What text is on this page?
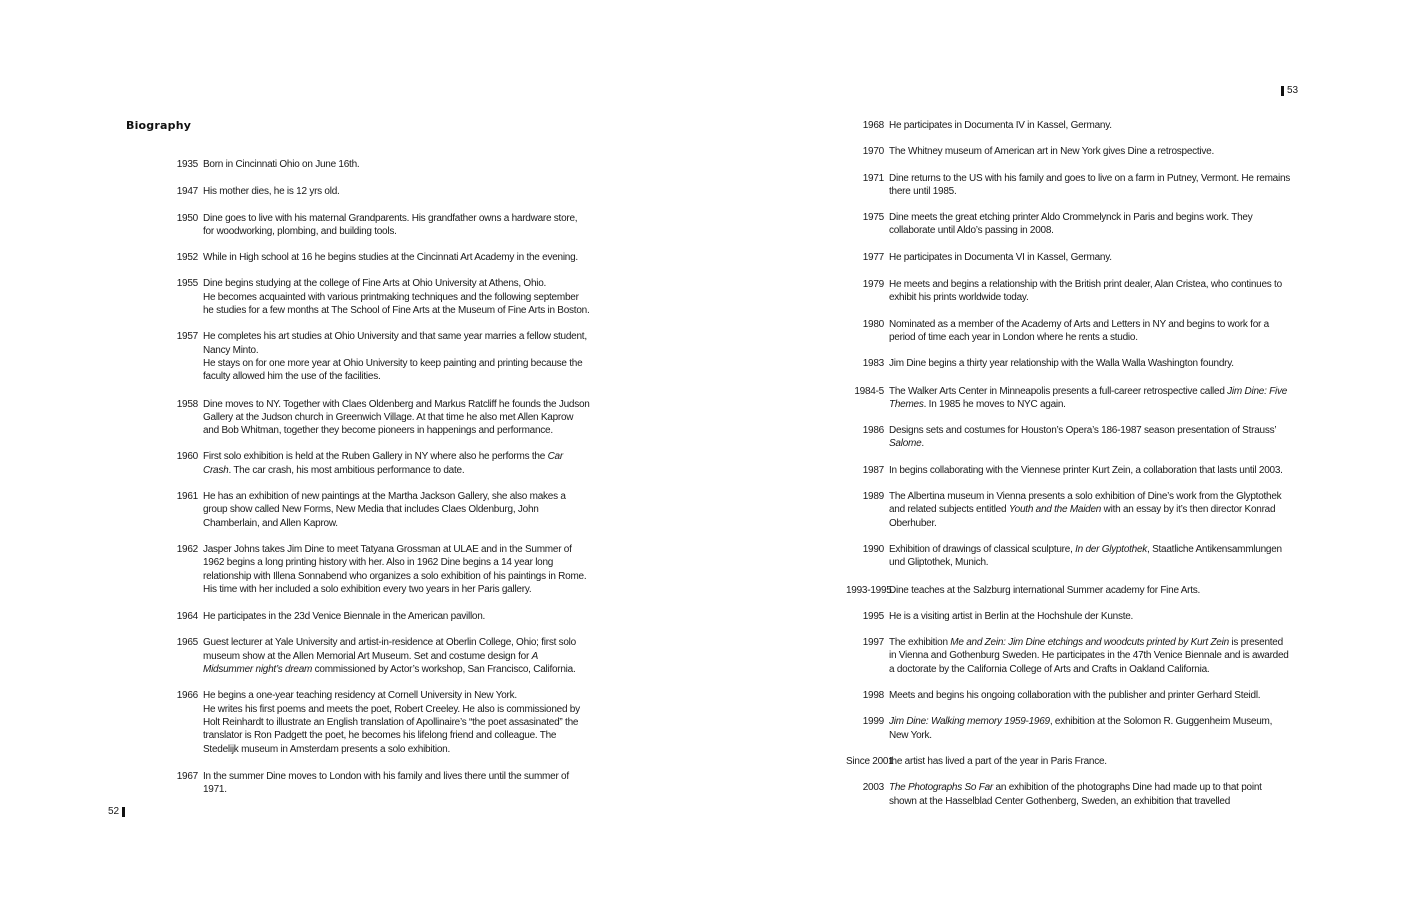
Biography
1935 Born in Cincinnati Ohio on June 16th.
1947 His mother dies, he is 12 yrs old.
1950 Dine goes to live with his maternal Grandparents. His grandfather owns a hardware store, for woodworking, plombing, and building tools.
1952 While in High school at 16 he begins studies at the Cincinnati Art Academy in the evening.
1955 Dine begins studying at the college of Fine Arts at Ohio University at Athens, Ohio.
He becomes acquainted with various printmaking techniques and the following september he studies for a few months at The School of Fine Arts at the Museum of Fine Arts in Boston.
1957 He completes his art studies at Ohio University and that same year marries a fellow student, Nancy Minto.
He stays on for one more year at Ohio University to keep painting and printing because the faculty allowed him the use of the facilities.
1958 Dine moves to NY. Together with Claes Oldenberg and Markus Ratcliff he founds the Judson Gallery at the Judson church in Greenwich Village. At that time he also met Allen Kaprow and Bob Whitman, together they become pioneers in happenings and performance.
1960 First solo exhibition is held at the Ruben Gallery in NY where also he performs the Car Crash. The car crash, his most ambitious performance to date.
1961 He has an exhibition of new paintings at the Martha Jackson Gallery, she also makes a group show called New Forms, New Media that includes Claes Oldenburg, John Chamberlain, and Allen Kaprow.
1962 Jasper Johns takes Jim Dine to meet Tatyana Grossman at ULAE and in the Summer of 1962 begins a long printing history with her. Also in 1962 Dine begins a 14 year long relationship with Illena Sonnabend who organizes a solo exhibition of his paintings in Rome. His time with her included a solo exhibition every two years in her Paris gallery.
1964 He participates in the 23d Venice Biennale in the American pavillon.
1965 Guest lecturer at Yale University and artist-in-residence at Oberlin College, Ohio; first solo museum show at the Allen Memorial Art Museum. Set and costume design for A Midsummer night’s dream commissioned by Actor’s workshop, San Francisco, California.
1966 He begins a one-year teaching residency at Cornell University in New York.
He writes his first poems and meets the poet, Robert Creeley. He also is commissioned by Holt Reinhardt to illustrate an English translation of Apollinaire’s “the poet assasinated” the translator is Ron Padgett the poet, he becomes his lifelong friend and colleague. The Stedelijk museum in Amsterdam presents a solo exhibition.
1967 In the summer Dine moves to London with his family and lives there until the summer of 1971.
52
53
1968 He participates in Documenta IV in Kassel, Germany.
1970 The Whitney museum of American art in New York gives Dine a retrospective.
1971 Dine returns to the US with his family and goes to live on a farm in Putney, Vermont. He remains there until 1985.
1975 Dine meets the great etching printer Aldo Crommelynck in Paris and begins work. They collaborate until Aldo’s passing in 2008.
1977 He participates in Documenta VI in Kassel, Germany.
1979 He meets and begins a relationship with the British print dealer, Alan Cristea, who continues to exhibit his prints worldwide today.
1980 Nominated as a member of the Academy of Arts and Letters in NY and begins to work for a period of time each year in London where he rents a studio.
1983 Jim Dine begins a thirty year relationship with the Walla Walla Washington foundry.
1984-5 The Walker Arts Center in Minneapolis presents a full-career retrospective called Jim Dine: Five Themes. In 1985 he moves to NYC again.
1986 Designs sets and costumes for Houston’s Opera’s 186-1987 season presentation of Strauss’ Salome.
1987 In begins collaborating with the Viennese printer Kurt Zein, a collaboration that lasts until 2003.
1989 The Albertina museum in Vienna presents a solo exhibition of Dine’s work from the Glyptothek and related subjects entitled Youth and the Maiden with an essay by it’s then director Konrad Oberhuber.
1990 Exhibition of drawings of classical sculpture, In der Glyptothek, Staatliche Antikensammlungen und Gliptothek, Munich.
1993-1995
Dine teaches at the Salzburg international Summer academy for Fine Arts.
1995 He is a visiting artist in Berlin at the Hochshule der Kunste.
1997 The exhibition Me and Zein: Jim Dine etchings and woodcuts printed by Kurt Zein is presented in Vienna and Gothenburg Sweden. He participates in the 47th Venice Biennale and is awarded a doctorate by the California College of Arts and Crafts in Oakland California.
1998 Meets and begins his ongoing collaboration with the publisher and printer Gerhard Steidl.
1999 Jim Dine: Walking memory 1959-1969, exhibition at the Solomon R. Guggenheim Museum, New York.
Since 2001
the artist has lived a part of the year in Paris France.
2003 The Photographs So Far an exhibition of the photographs Dine had made up to that point shown at the Hasselblad Center Gothenberg, Sweden, an exhibition that travelled
